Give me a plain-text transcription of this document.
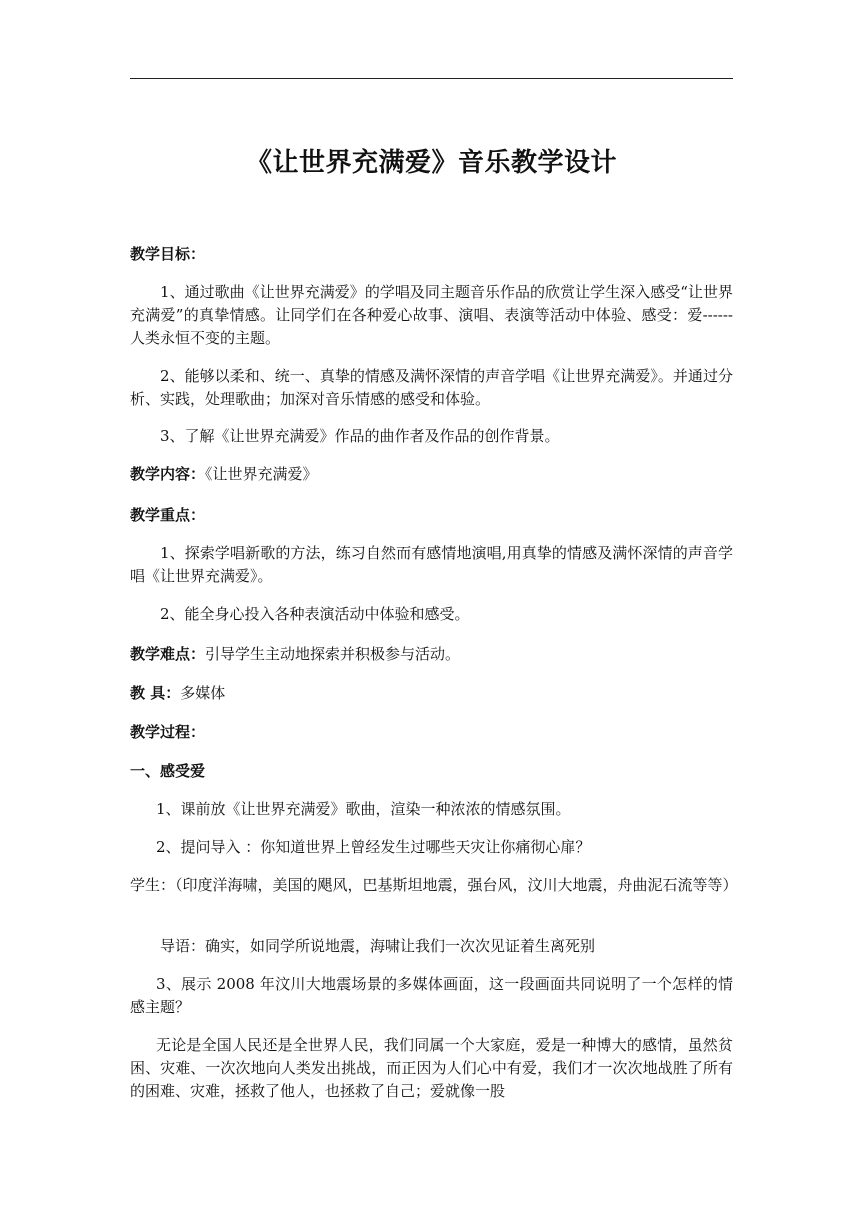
《让世界充满爱》音乐教学设计

教学目标：

1、通过歌曲《让世界充满爱》的学唱及同主题音乐作品的欣赏让学生深入感受“让世界充满爱”的真挚情感。让同学们在各种爱心故事、演唱、表演等活动中体验、感受：爱------ 人类永恒不变的主题。

2、能够以柔和、统一、真挚的情感及满怀深情的声音学唱《让世界充满爱》。并通过分析、实践，处理歌曲；加深对音乐情感的感受和体验。

3、了解《让世界充满爱》作品的曲作者及作品的创作背景。

教学内容：《让世界充满爱》

教学重点：

1、探索学唱新歌的方法，练习自然而有感情地演唱,用真挚的情感及满怀深情的声音学唱《让世界充满爱》。

2、能全身心投入各种表演活动中体验和感受。

教学难点：引导学生主动地探索并积极参与活动。

教 具：多媒体

教学过程：

一、感受爱

1、课前放《让世界充满爱》歌曲，渲染一种浓浓的情感氛围。

2、提问导入 ：你知道世界上曾经发生过哪些天灾让你痛彻心扉？

学生：（印度洋海啸，美国的飓风，巴基斯坦地震，强台风，汶川大地震，舟曲泥石流等等）

导语：确实，如同学所说地震，海啸让我们一次次见证着生离死别

3、展示 2008 年汶川大地震场景的多媒体画面，这一段画面共同说明了一个怎样的情感主题？

无论是全国人民还是全世界人民，我们同属一个大家庭，爱是一种博大的感情，虽然贫困、灾难、一次次地向人类发出挑战，而正因为人们心中有爱，我们才一次次地战胜了所有的困难、灾难，拯救了他人，也拯救了自己；爱就像一股
